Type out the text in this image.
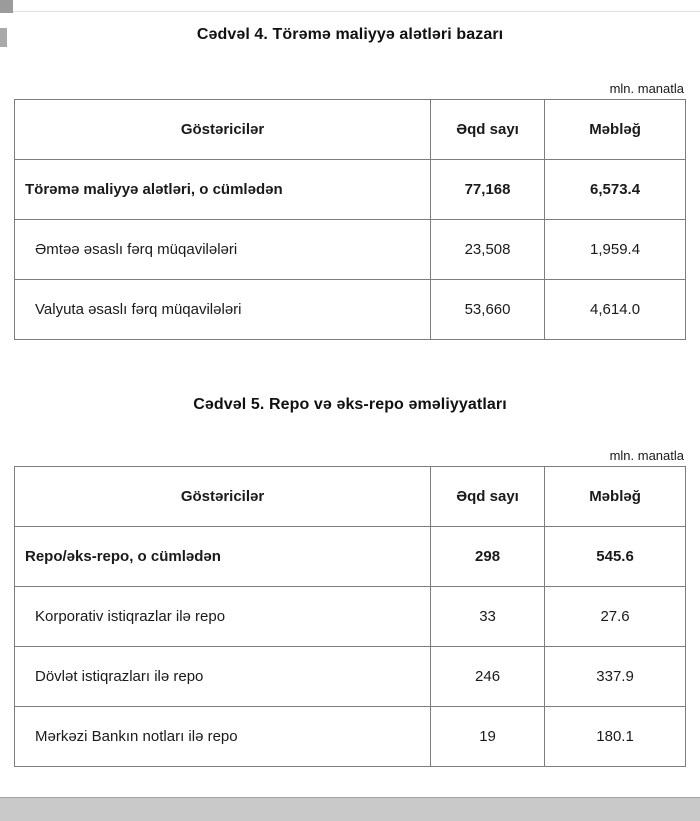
Cədvəl 4. Törəmə maliyyə alətləri bazarı
mln. manatla
Göstəricilər	Əqd sayı	Məbləğ
Törəmə maliyyə alətləri, o cümlədən	77,168	6,573.4
Əmtəə əsaslı fərq müqavilələri	23,508	1,959.4
Valyuta əsaslı fərq müqavilələri	53,660	4,614.0
Cədvəl 5. Repo və əks-repo əməliyyatları
mln. manatla
Göstəricilər	Əqd sayı	Məbləğ
Repo/əks-repo, o cümlədən	298	545.6
Korporativ istiqrazlar ilə repo	33	27.6
Dövlət istiqrazları ilə repo	246	337.9
Mərkəzi Bankın notları ilə repo	19	180.1
